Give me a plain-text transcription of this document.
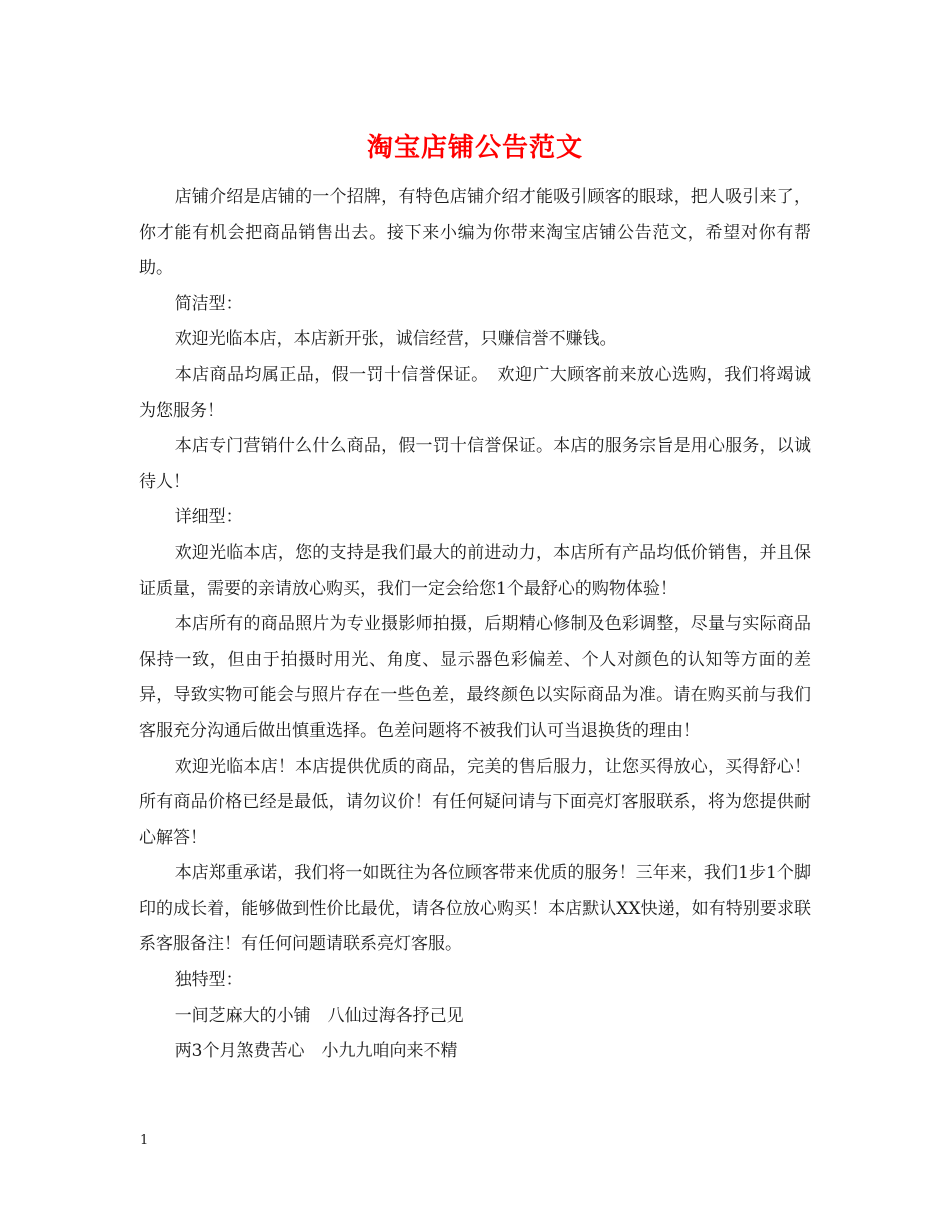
淘宝店铺公告范文

店铺介绍是店铺的一个招牌，有特色店铺介绍才能吸引顾客的眼球，把人吸引来了，你才能有机会把商品销售出去。接下来小编为你带来淘宝店铺公告范文，希望对你有帮助。

简洁型：

欢迎光临本店，本店新开张，诚信经营，只赚信誉不赚钱。

本店商品均属正品，假一罚十信誉保证。　欢迎广大顾客前来放心选购，我们将竭诚为您服务！

本店专门营销什么什么商品，假一罚十信誉保证。本店的服务宗旨是用心服务，以诚待人！

详细型：

欢迎光临本店，您的支持是我们最大的前进动力，本店所有产品均低价销售，并且保证质量，需要的亲请放心购买，我们一定会给您1个最舒心的购物体验！

本店所有的商品照片为专业摄影师拍摄，后期精心修制及色彩调整，尽量与实际商品保持一致，但由于拍摄时用光、角度、显示器色彩偏差、个人对颜色的认知等方面的差异，导致实物可能会与照片存在一些色差，最终颜色以实际商品为准。请在购买前与我们客服充分沟通后做出慎重选择。色差问题将不被我们认可当退换货的理由！

欢迎光临本店！本店提供优质的商品，完美的售后服力，让您买得放心，买得舒心！所有商品价格已经是最低，请勿议价！有任何疑问请与下面亮灯客服联系，将为您提供耐心解答！

本店郑重承诺，我们将一如既往为各位顾客带来优质的服务！三年来，我们1步1个脚印的成长着，能够做到性价比最优，请各位放心购买！本店默认XX快递，如有特别要求联系客服备注！有任何问题请联系亮灯客服。

独特型：

一间芝麻大的小铺　八仙过海各抒己见

两3个月煞费苦心　小九九咱向来不精

1
